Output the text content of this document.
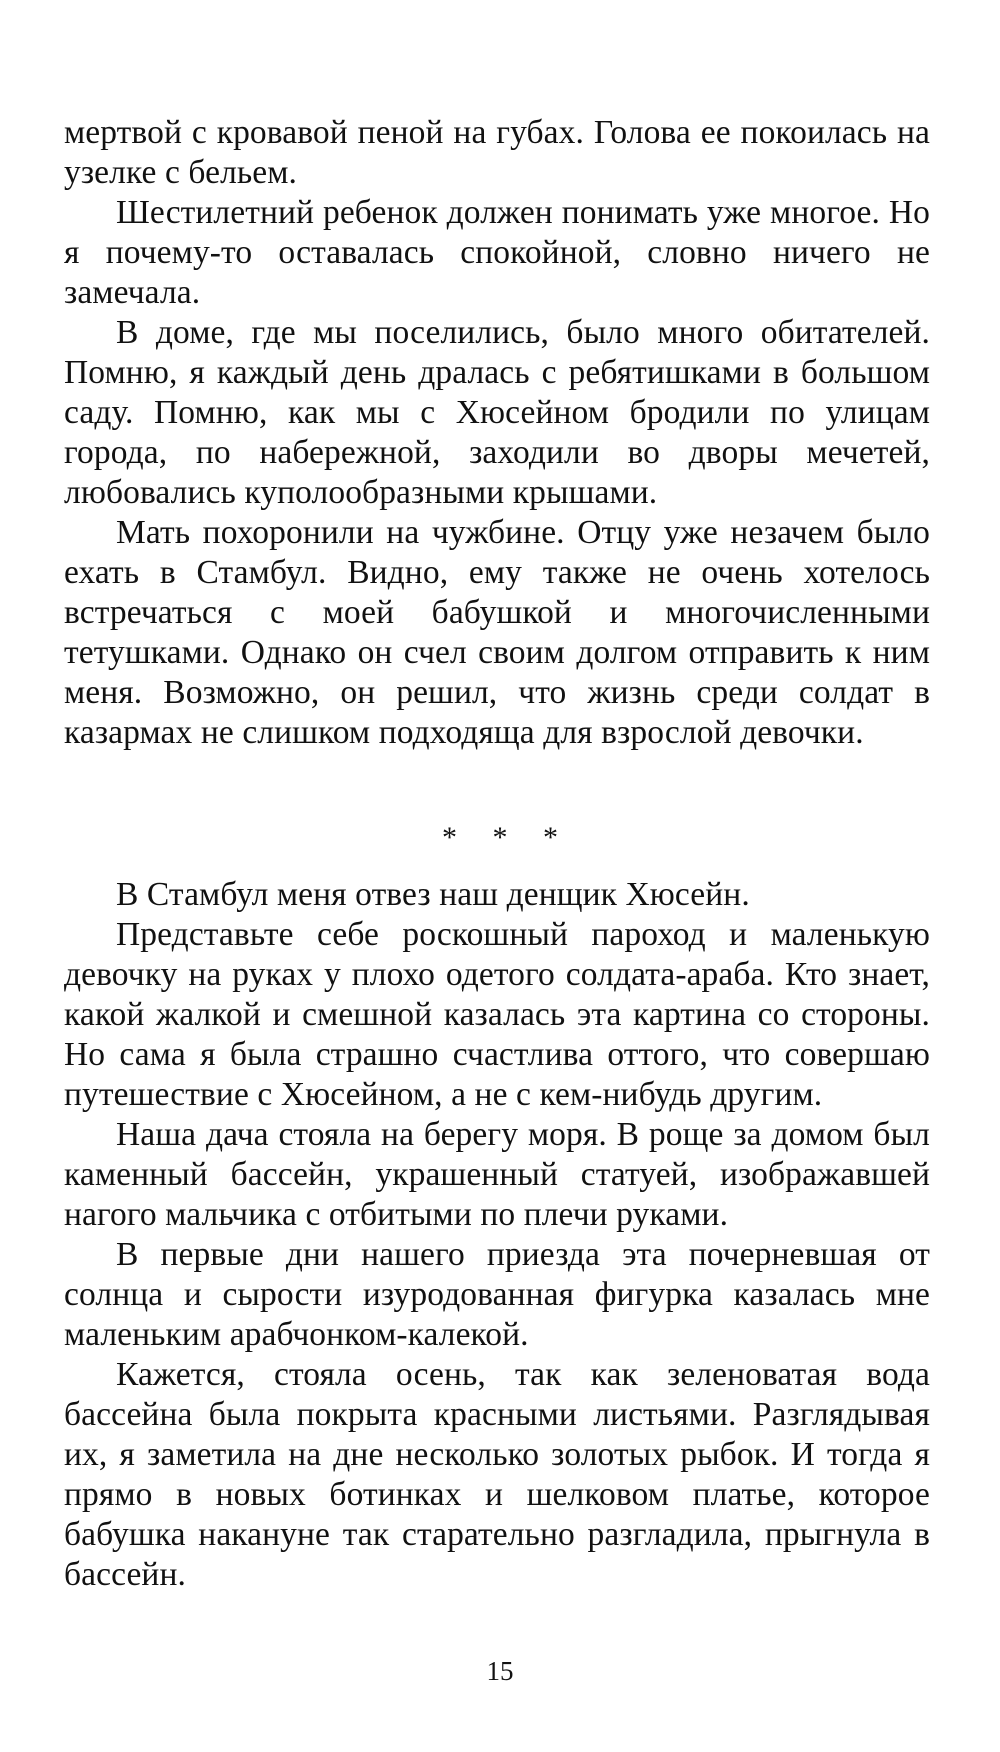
мертвой с кровавой пеной на губах. Голова ее покоилась на узелке с бельем.

Шестилетний ребенок должен понимать уже многое. Но я почему-то оставалась спокойной, словно ничего не замечала.

В доме, где мы поселились, было много обитателей. Помню, я каждый день дралась с ребятишками в большом саду. Помню, как мы с Хюсейном бродили по улицам города, по набережной, заходили во дворы мечетей, любовались куполообразными крышами.

Мать похоронили на чужбине. Отцу уже незачем было ехать в Стамбул. Видно, ему также не очень хотелось встречаться с моей бабушкой и многочисленными тетушками. Однако он счел своим долгом отправить к ним меня. Возможно, он решил, что жизнь среди солдат в казармах не слишком подходяща для взрослой девочки.

* * *

В Стамбул меня отвез наш денщик Хюсейн.

Представьте себе роскошный пароход и маленькую девочку на руках у плохо одетого солдата-араба. Кто знает, какой жалкой и смешной казалась эта картина со стороны. Но сама я была страшно счастлива оттого, что совершаю путешествие с Хюсейном, а не с кем-нибудь другим.

Наша дача стояла на берегу моря. В роще за домом был каменный бассейн, украшенный статуей, изображавшей нагого мальчика с отбитыми по плечи руками.

В первые дни нашего приезда эта почерневшая от солнца и сырости изуродованная фигурка казалась мне маленьким арабчонком-калекой.

Кажется, стояла осень, так как зеленоватая вода бассейна была покрыта красными листьями. Разглядывая их, я заметила на дне несколько золотых рыбок. И тогда я прямо в новых ботинках и шелковом платье, которое бабушка накануне так старательно разгладила, прыгнула в бассейн.

15
